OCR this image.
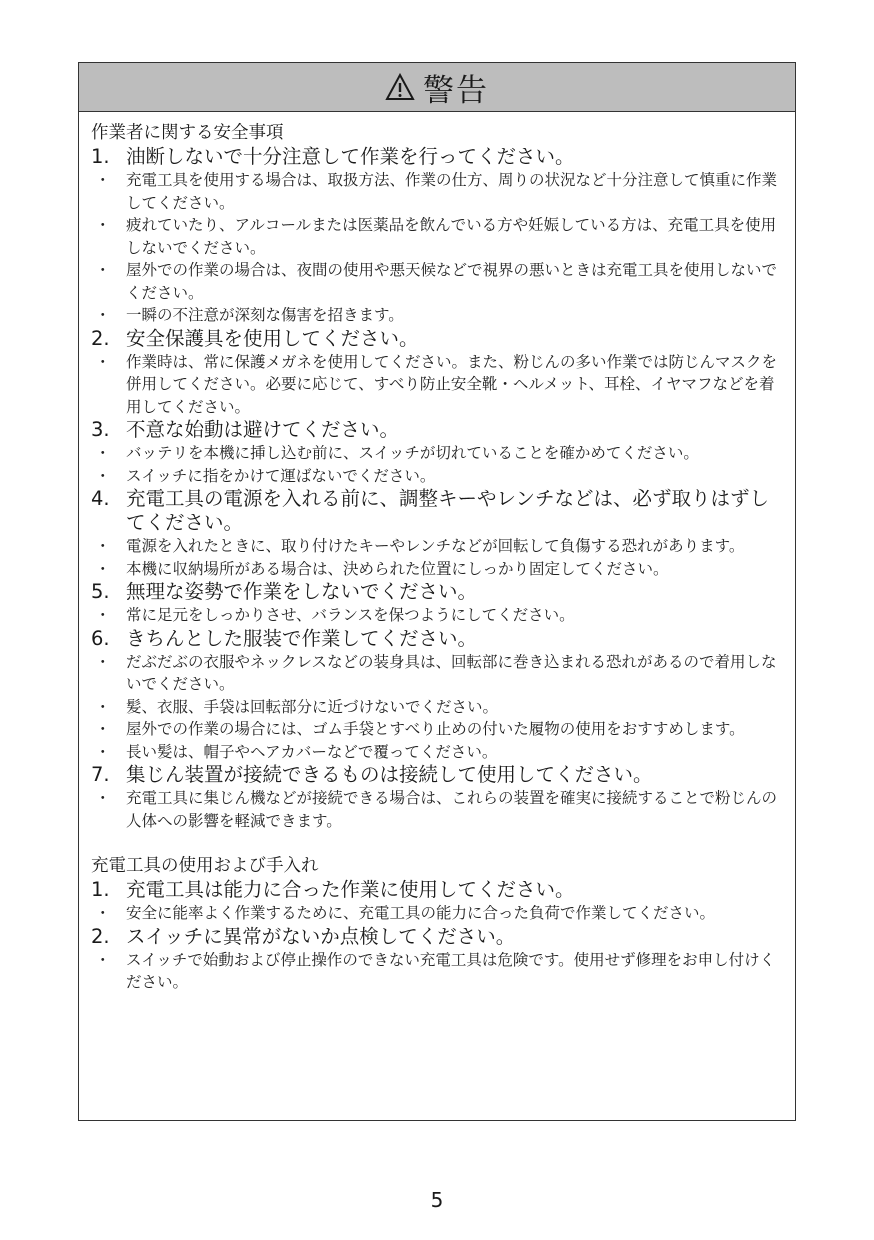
警告
作業者に関する安全事項
1. 油断しないで十分注意して作業を行ってください。
・ 充電工具を使用する場合は、取扱方法、作業の仕方、周りの状況など十分注意して慎重に作業してください。
・ 疲れていたり、アルコールまたは医薬品を飲んでいる方や妊娠している方は、充電工具を使用しないでください。
・ 屋外での作業の場合は、夜間の使用や悪天候などで視界の悪いときは充電工具を使用しないでください。
・ 一瞬の不注意が深刻な傷害を招きます。
2. 安全保護具を使用してください。
・ 作業時は、常に保護メガネを使用してください。また、粉じんの多い作業では防じんマスクを併用してください。必要に応じて、すべり防止安全靴・ヘルメット、耳栓、イヤマフなどを着用してください。
3. 不意な始動は避けてください。
・ バッテリを本機に挿し込む前に、スイッチが切れていることを確かめてください。
・ スイッチに指をかけて運ばないでください。
4. 充電工具の電源を入れる前に、調整キーやレンチなどは、必ず取りはずしてください。
・ 電源を入れたときに、取り付けたキーやレンチなどが回転して負傷する恐れがあります。
・ 本機に収納場所がある場合は、決められた位置にしっかり固定してください。
5. 無理な姿勢で作業をしないでください。
・ 常に足元をしっかりさせ、バランスを保つようにしてください。
6. きちんとした服装で作業してください。
・ だぶだぶの衣服やネックレスなどの装身具は、回転部に巻き込まれる恐れがあるので着用しないでください。
・ 髪、衣服、手袋は回転部分に近づけないでください。
・ 屋外での作業の場合には、ゴム手袋とすべり止めの付いた履物の使用をおすすめします。
・ 長い髪は、帽子やヘアカバーなどで覆ってください。
7. 集じん装置が接続できるものは接続して使用してください。
・ 充電工具に集じん機などが接続できる場合は、これらの装置を確実に接続することで粉じんの人体への影響を軽減できます。
充電工具の使用および手入れ
1. 充電工具は能力に合った作業に使用してください。
・ 安全に能率よく作業するために、充電工具の能力に合った負荷で作業してください。
2. スイッチに異常がないか点検してください。
・ スイッチで始動および停止操作のできない充電工具は危険です。使用せず修理をお申し付けください。
5
